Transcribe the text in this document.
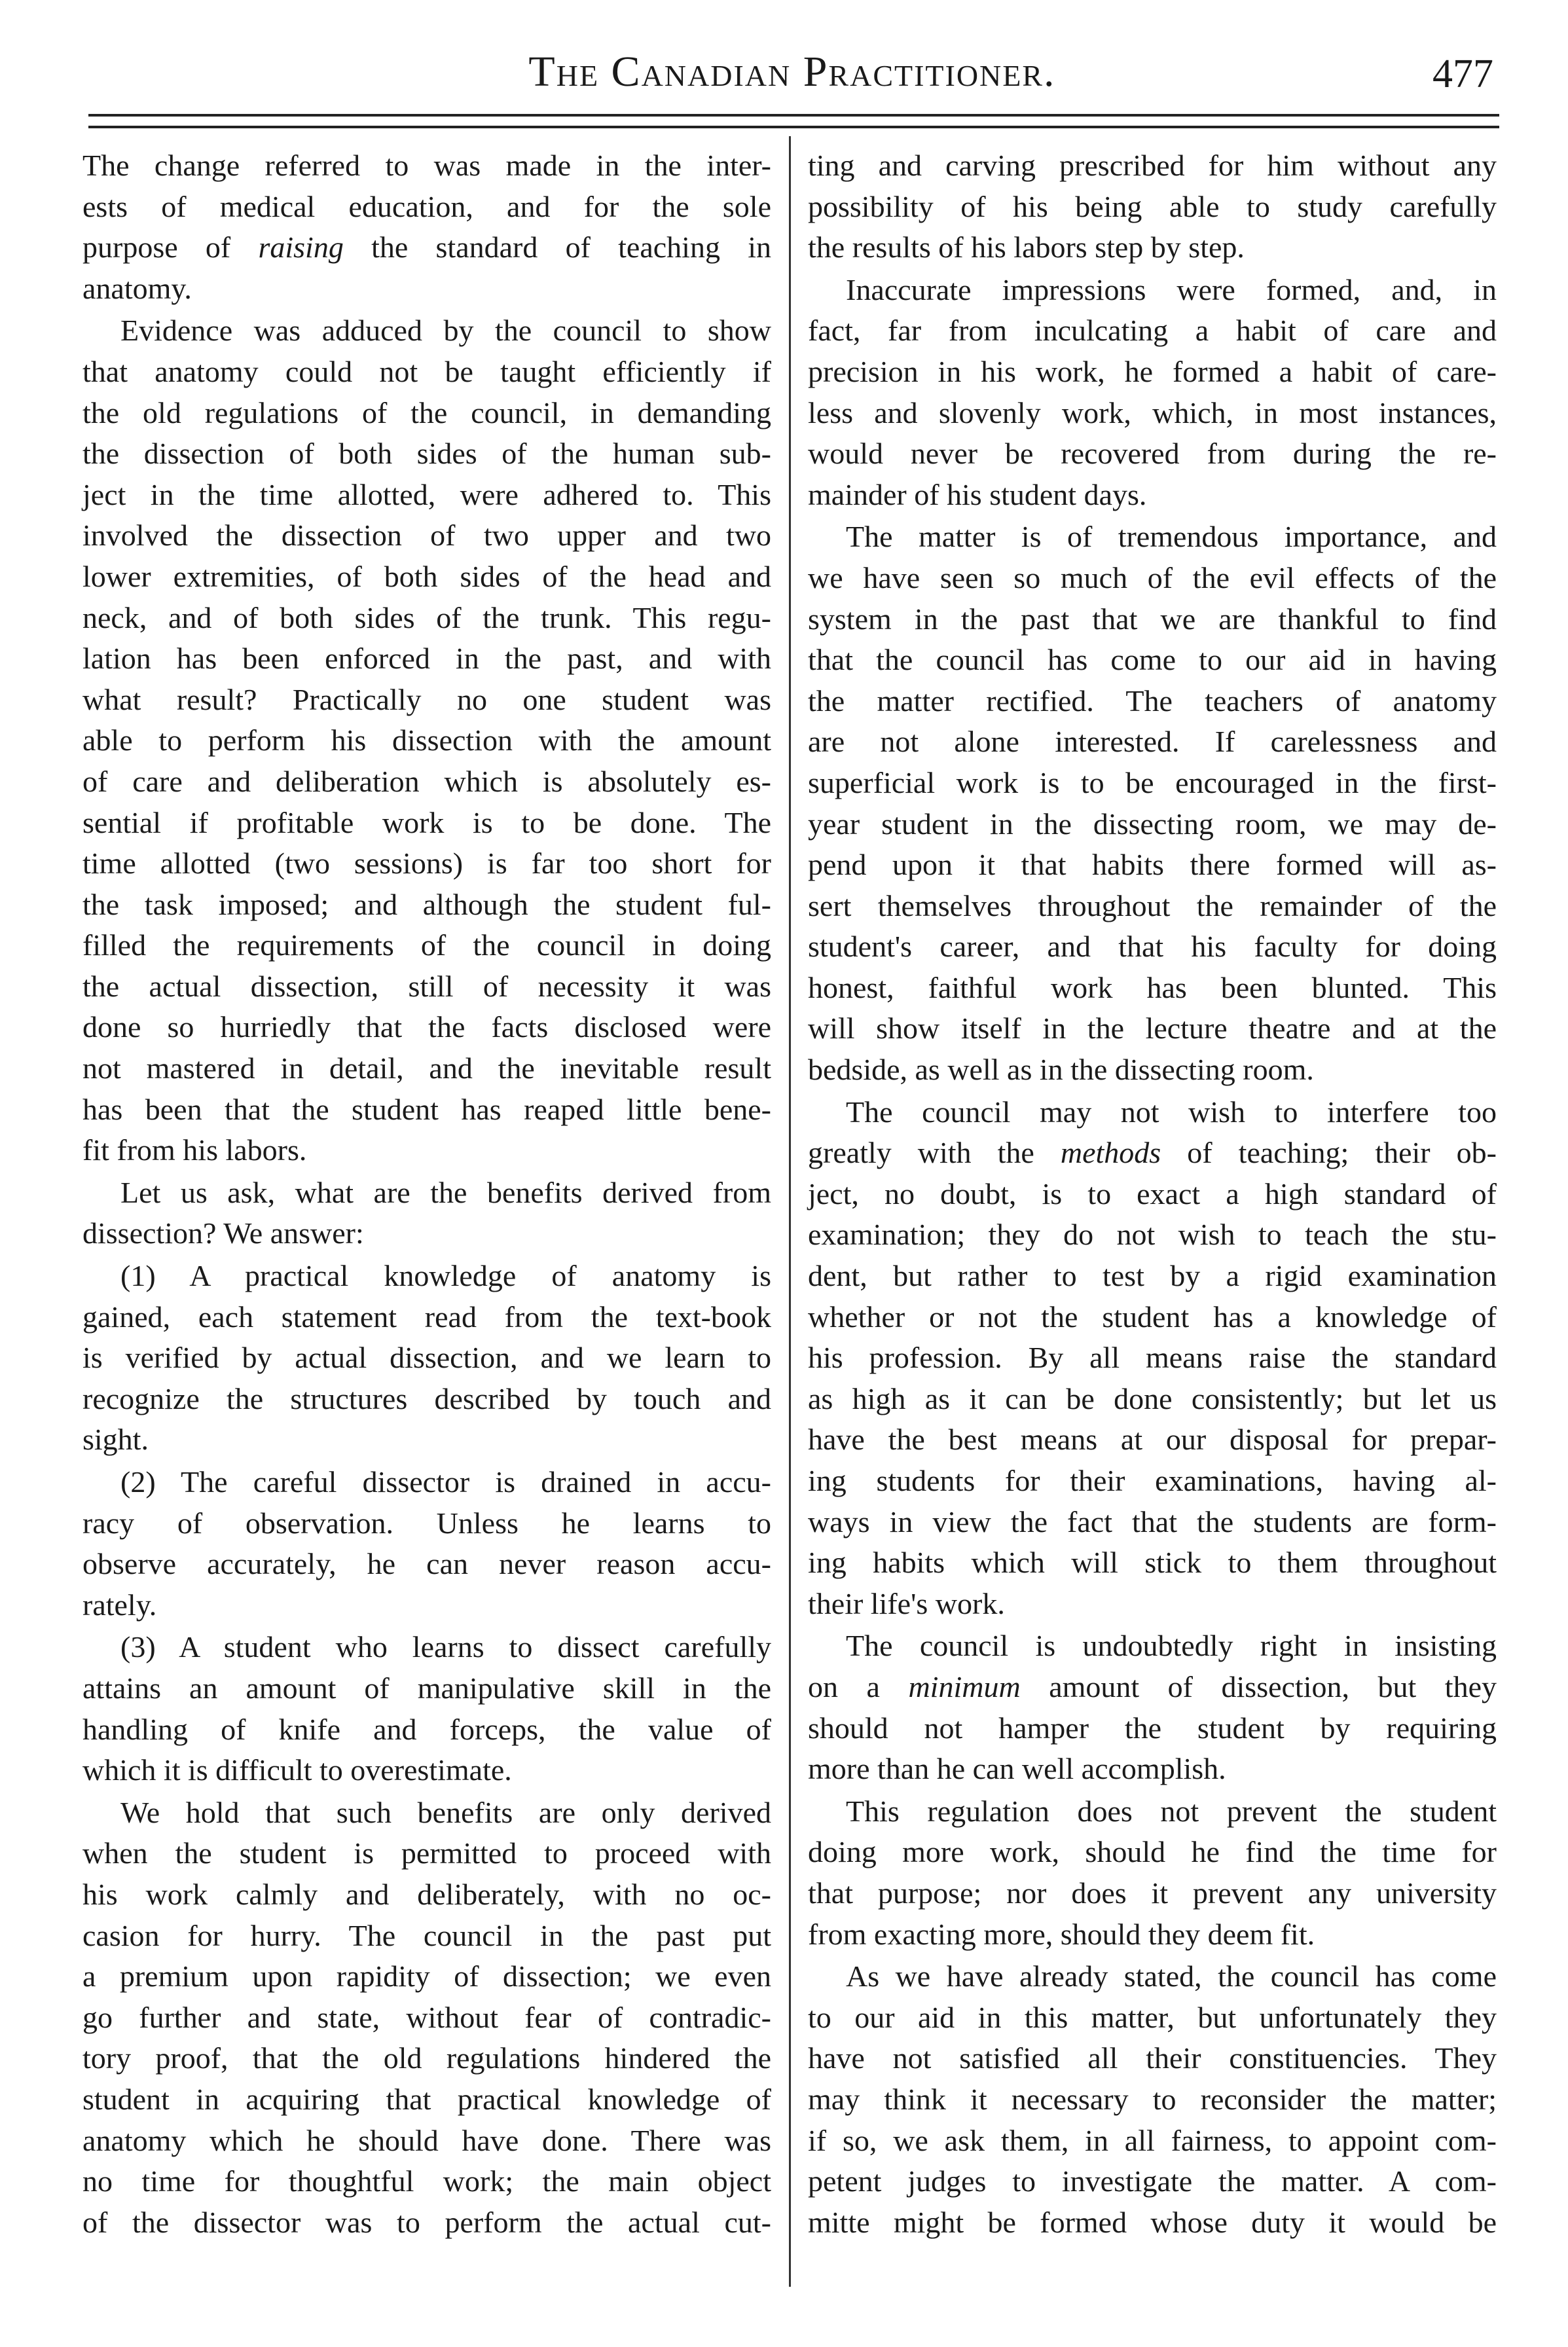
The Canadian Practitioner.	477
The change referred to was made in the inter-
ests of medical education, and for the sole
purpose of raising the standard of teaching in
anatomy.
Evidence was adduced by the council to show
that anatomy could not be taught efficiently if
the old regulations of the council, in demanding
the dissection of both sides of the human sub-
ject in the time allotted, were adhered to. This
involved the dissection of two upper and two
lower extremities, of both sides of the head and
neck, and of both sides of the trunk. This regu-
lation has been enforced in the past, and with
what result? Practically no one student was
able to perform his dissection with the amount
of care and deliberation which is absolutely es-
sential if profitable work is to be done. The
time allotted (two sessions) is far too short for
the task imposed; and although the student ful-
filled the requirements of the council in doing
the actual dissection, still of necessity it was
done so hurriedly that the facts disclosed were
not mastered in detail, and the inevitable result
has been that the student has reaped little bene-
fit from his labors.
Let us ask, what are the benefits derived from
dissection? We answer:
(1) A practical knowledge of anatomy is
gained, each statement read from the text-book
is verified by actual dissection, and we learn to
recognize the structures described by touch and
sight.
(2) The careful dissector is drained in accu-
racy of observation. Unless he learns to
observe accurately, he can never reason accu-
rately.
(3) A student who learns to dissect carefully
attains an amount of manipulative skill in the
handling of knife and forceps, the value of
which it is difficult to overestimate.
We hold that such benefits are only derived
when the student is permitted to proceed with
his work calmly and deliberately, with no oc-
casion for hurry. The council in the past put
a premium upon rapidity of dissection; we even
go further and state, without fear of contradic-
tory proof, that the old regulations hindered the
student in acquiring that practical knowledge of
anatomy which he should have done. There was
no time for thoughtful work; the main object
of the dissector was to perform the actual cut-
ting and carving prescribed for him without any
possibility of his being able to study carefully
the results of his labors step by step.
Inaccurate impressions were formed, and, in
fact, far from inculcating a habit of care and
precision in his work, he formed a habit of care-
less and slovenly work, which, in most instances,
would never be recovered from during the re-
mainder of his student days.
The matter is of tremendous importance, and
we have seen so much of the evil effects of the
system in the past that we are thankful to find
that the council has come to our aid in having
the matter rectified. The teachers of anatomy
are not alone interested. If carelessness and
superficial work is to be encouraged in the first-
year student in the dissecting room, we may de-
pend upon it that habits there formed will as-
sert themselves throughout the remainder of the
student's career, and that his faculty for doing
honest, faithful work has been blunted. This
will show itself in the lecture theatre and at the
bedside, as well as in the dissecting room.
The council may not wish to interfere too
greatly with the methods of teaching; their ob-
ject, no doubt, is to exact a high standard of
examination; they do not wish to teach the stu-
dent, but rather to test by a rigid examination
whether or not the student has a knowledge of
his profession. By all means raise the standard
as high as it can be done consistently; but let us
have the best means at our disposal for prepar-
ing students for their examinations, having al-
ways in view the fact that the students are form-
ing habits which will stick to them throughout
their life's work.
The council is undoubtedly right in insisting
on a minimum amount of dissection, but they
should not hamper the student by requiring
more than he can well accomplish.
This regulation does not prevent the student
doing more work, should he find the time for
that purpose; nor does it prevent any university
from exacting more, should they deem fit.
As we have already stated, the council has come
to our aid in this matter, but unfortunately they
have not satisfied all their constituencies. They
may think it necessary to reconsider the matter;
if so, we ask them, in all fairness, to appoint com-
petent judges to investigate the matter. A com-
mitte might be formed whose duty it would be
